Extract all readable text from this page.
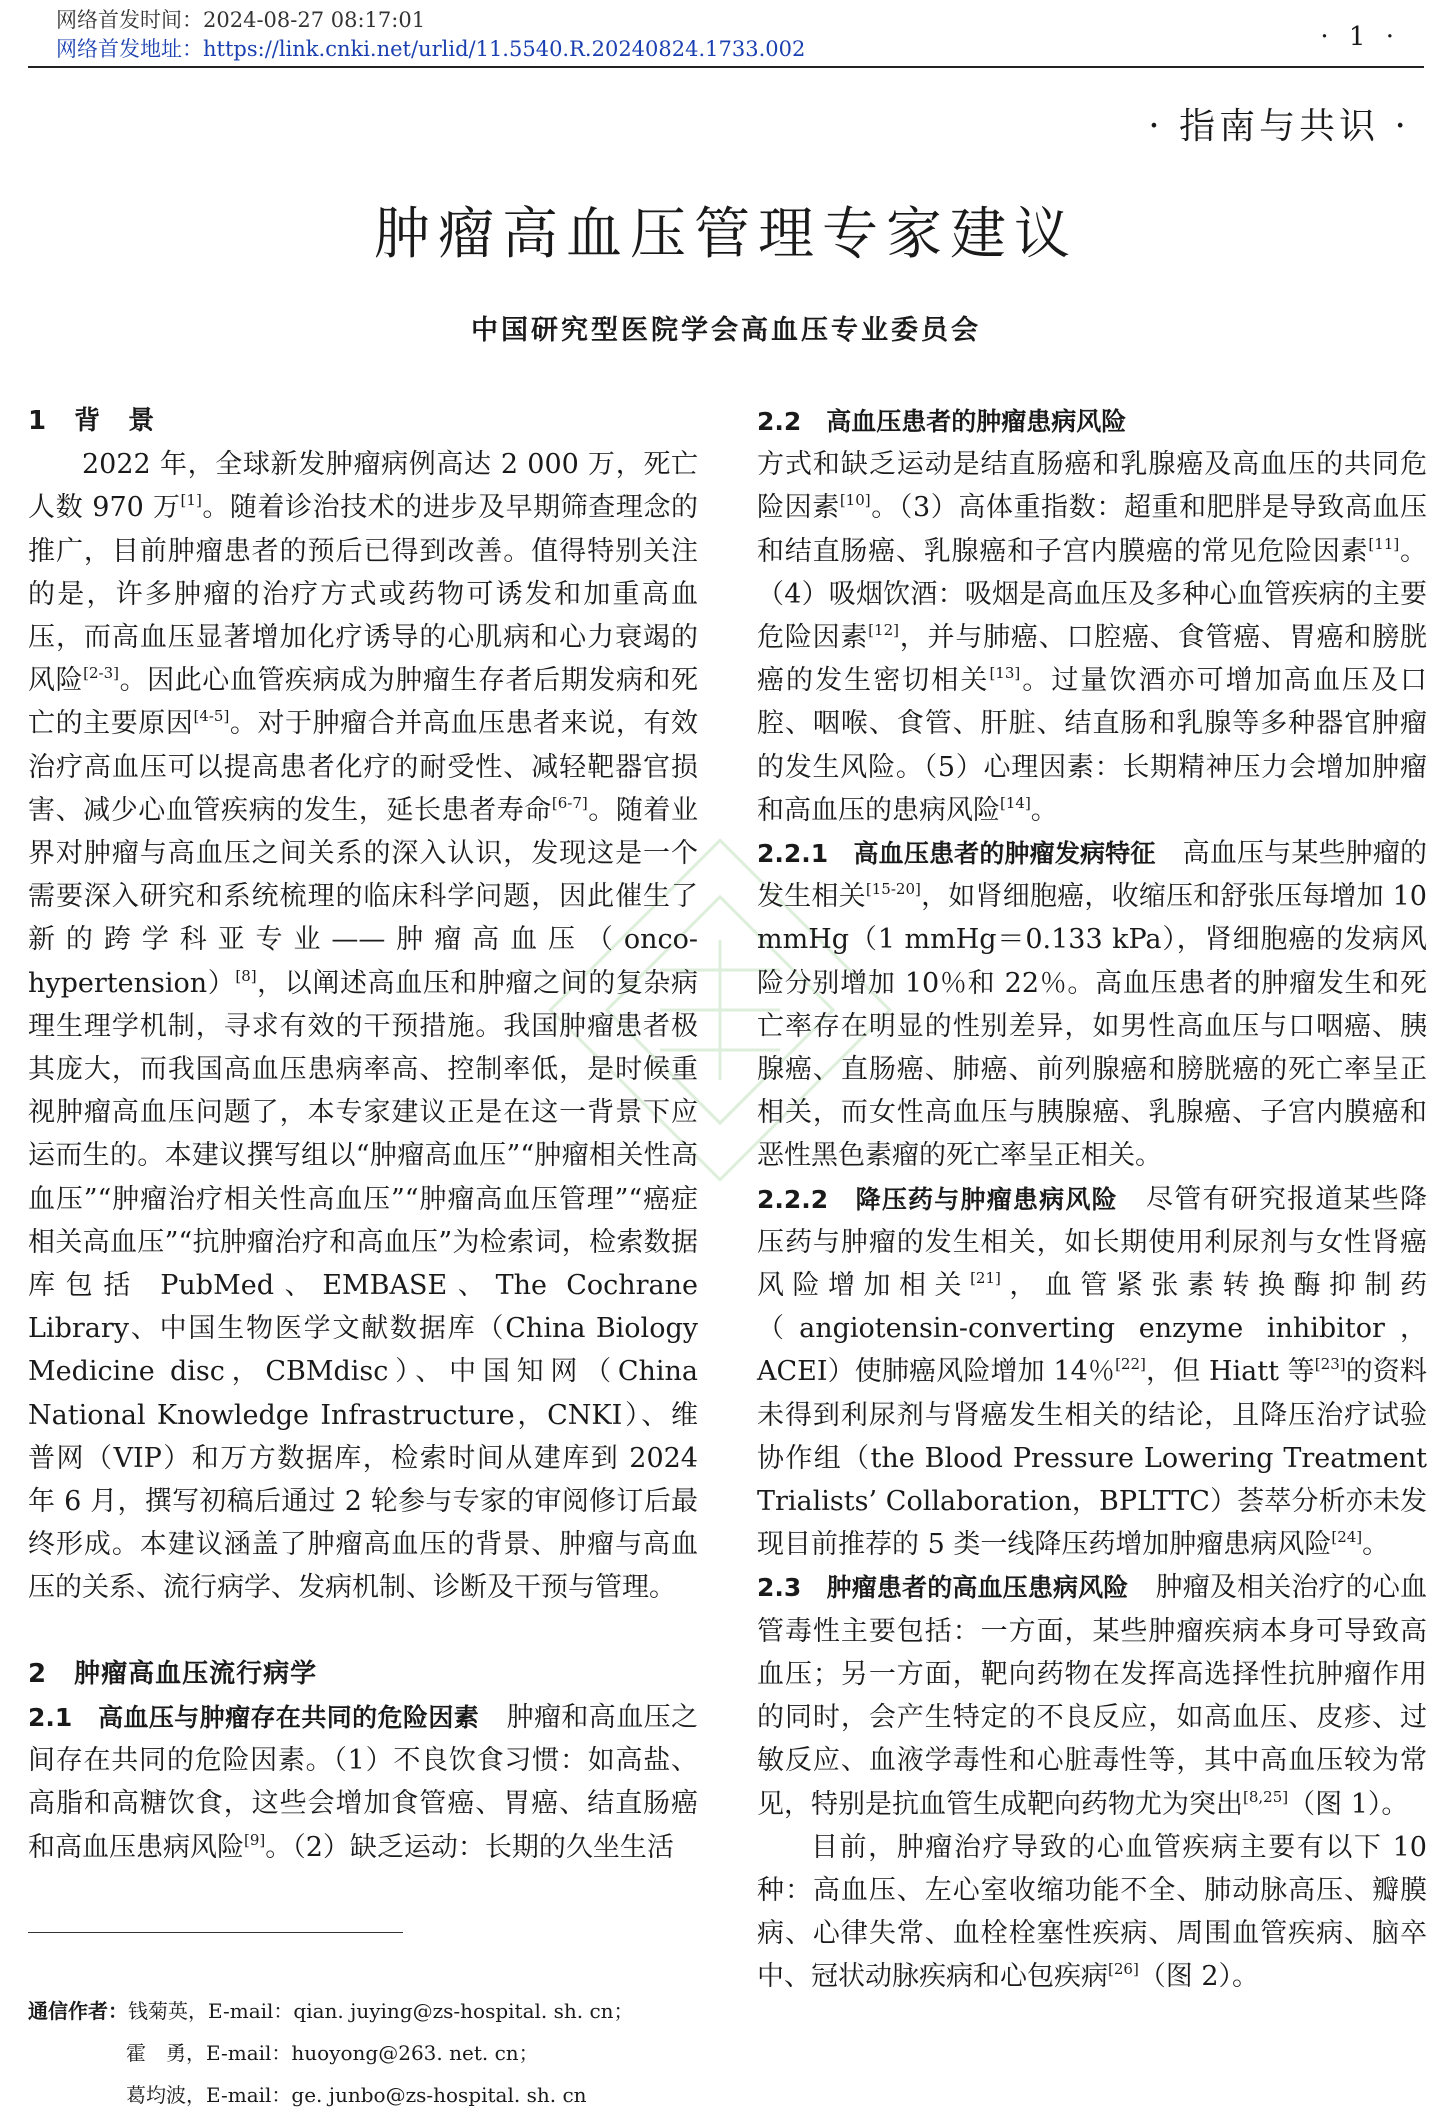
网络首发时间：2024-08-27 08:17:01
网络首发地址：https://link.cnki.net/urlid/11.5540.R.20240824.1733.002	· 1 ·
· 指南与共识 ·
肿瘤高血压管理专家建议
中国研究型医院学会高血压专业委员会

1　背　景

2022 年，全球新发肿瘤病例高达 2 000 万，死亡人数 970 万[1]。随着诊治技术的进步及早期筛查理念的推广，目前肿瘤患者的预后已得到改善。值得特别关注的是，许多肿瘤的治疗方式或药物可诱发和加重高血压，而高血压显著增加化疗诱导的心肌病和心力衰竭的风险[2-3]。因此心血管疾病成为肿瘤生存者后期发病和死亡的主要原因[4-5]。对于肿瘤合并高血压患者来说，有效治疗高血压可以提高患者化疗的耐受性、减轻靶器官损害、减少心血管疾病的发生，延长患者寿命[6-7]。随着业界对肿瘤与高血压之间关系的深入认识，发现这是一个需要深入研究和系统梳理的临床科学问题，因此催生了新的跨学科亚专业——肿瘤高血压（onco-hypertension）[8]，以阐述高血压和肿瘤之间的复杂病理生理学机制，寻求有效的干预措施。我国肿瘤患者极其庞大，而我国高血压患病率高、控制率低，是时候重视肿瘤高血压问题了，本专家建议正是在这一背景下应运而生的。本建议撰写组以“肿瘤高血压”“肿瘤相关性高血压”“肿瘤治疗相关性高血压”“肿瘤高血压管理”“癌症相关高血压”“抗肿瘤治疗和高血压”为检索词，检索数据库包括 PubMed、EMBASE、The Cochrane Library、中国生物医学文献数据库（China Biology Medicine disc，CBMdisc）、中国知网（China National Knowledge Infrastructure，CNKI）、维普网（VIP）和万方数据库，检索时间从建库到 2024 年 6 月，撰写初稿后通过 2 轮参与专家的审阅修订后最终形成。本建议涵盖了肿瘤高血压的背景、肿瘤与高血压的关系、流行病学、发病机制、诊断及干预与管理。

2　肿瘤高血压流行病学

2.1　高血压与肿瘤存在共同的危险因素　肿瘤和高血压之间存在共同的危险因素。（1）不良饮食习惯：如高盐、高脂和高糖饮食，这些会增加食管癌、胃癌、结直肠癌和高血压患病风险[9]。（2）缺乏运动：长期的久坐生活

2.2　高血压患者的肿瘤患病风险

方式和缺乏运动是结直肠癌和乳腺癌及高血压的共同危险因素[10]。（3）高体重指数：超重和肥胖是导致高血压和结直肠癌、乳腺癌和子宫内膜癌的常见危险因素[11]。（4）吸烟饮酒：吸烟是高血压及多种心血管疾病的主要危险因素[12]，并与肺癌、口腔癌、食管癌、胃癌和膀胱癌的发生密切相关[13]。过量饮酒亦可增加高血压及口腔、咽喉、食管、肝脏、结直肠和乳腺等多种器官肿瘤的发生风险。（5）心理因素：长期精神压力会增加肿瘤和高血压的患病风险[14]。

2.2.1　高血压患者的肿瘤发病特征　高血压与某些肿瘤的发生相关[15-20]，如肾细胞癌，收缩压和舒张压每增加 10 mmHg（1 mmHg＝0.133 kPa），肾细胞癌的发病风险分别增加 10％和 22％。高血压患者的肿瘤发生和死亡率存在明显的性别差异，如男性高血压与口咽癌、胰腺癌、直肠癌、肺癌、前列腺癌和膀胱癌的死亡率呈正相关，而女性高血压与胰腺癌、乳腺癌、子宫内膜癌和恶性黑色素瘤的死亡率呈正相关。

2.2.2　降压药与肿瘤患病风险　尽管有研究报道某些降压药与肿瘤的发生相关，如长期使用利尿剂与女性肾癌风险增加相关[21]，血管紧张素转换酶抑制药（angiotensin-converting enzyme inhibitor，ACEI）使肺癌风险增加 14％[22]，但 Hiatt 等[23]的资料未得到利尿剂与肾癌发生相关的结论，且降压治疗试验协作组（the Blood Pressure Lowering Treatment Trialists’ Collaboration，BPLTTC）荟萃分析亦未发现目前推荐的 5 类一线降压药增加肿瘤患病风险[24]。

2.3　肿瘤患者的高血压患病风险　肿瘤及相关治疗的心血管毒性主要包括：一方面，某些肿瘤疾病本身可导致高血压；另一方面，靶向药物在发挥高选择性抗肿瘤作用的同时，会产生特定的不良反应，如高血压、皮疹、过敏反应、血液学毒性和心脏毒性等，其中高血压较为常见，特别是抗血管生成靶向药物尤为突出[8,25]（图 1）。

目前，肿瘤治疗导致的心血管疾病主要有以下 10 种：高血压、左心室收缩功能不全、肺动脉高压、瓣膜病、心律失常、血栓栓塞性疾病、周围血管疾病、脑卒中、冠状动脉疾病和心包疾病[26]（图 2）。

通信作者：钱菊英，E-mail：qian. juying@zs-hospital. sh. cn；
霍　勇，E-mail：huoyong@263. net. cn；
葛均波，E-mail：ge. junbo@zs-hospital. sh. cn
